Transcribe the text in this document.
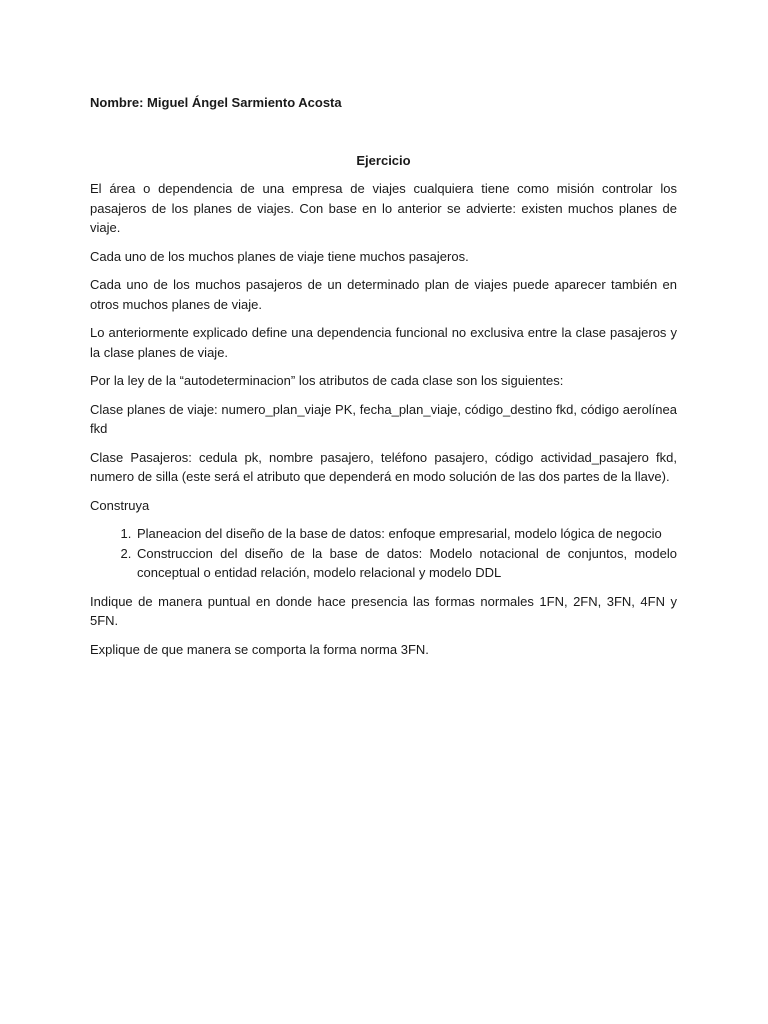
Nombre: Miguel Ángel Sarmiento Acosta

Ejercicio

El área o dependencia de una empresa de viajes cualquiera tiene como misión controlar los pasajeros de los planes de viajes. Con base en lo anterior se advierte: existen muchos planes de viaje.

Cada uno de los muchos planes de viaje tiene muchos pasajeros.

Cada uno de los muchos pasajeros de un determinado plan de viajes puede aparecer también en otros muchos planes de viaje.

Lo anteriormente explicado define una dependencia funcional no exclusiva entre la clase pasajeros y la clase planes de viaje.

Por la ley de la “autodeterminacion” los atributos de cada clase son los siguientes:

Clase planes de viaje: numero_plan_viaje PK, fecha_plan_viaje, código_destino fkd, código aerolínea fkd

Clase Pasajeros: cedula pk, nombre pasajero, teléfono pasajero, código actividad_pasajero fkd, numero de silla (este será el atributo que dependerá en modo solución de las dos partes de la llave).

Construya

1. Planeacion del diseño de la base de datos: enfoque empresarial, modelo lógica de negocio
2. Construccion del diseño de la base de datos: Modelo notacional de conjuntos, modelo conceptual o entidad relación, modelo relacional y modelo DDL

Indique de manera puntual en donde hace presencia las formas normales 1FN, 2FN, 3FN, 4FN y 5FN.

Explique de que manera se comporta la forma norma 3FN.
